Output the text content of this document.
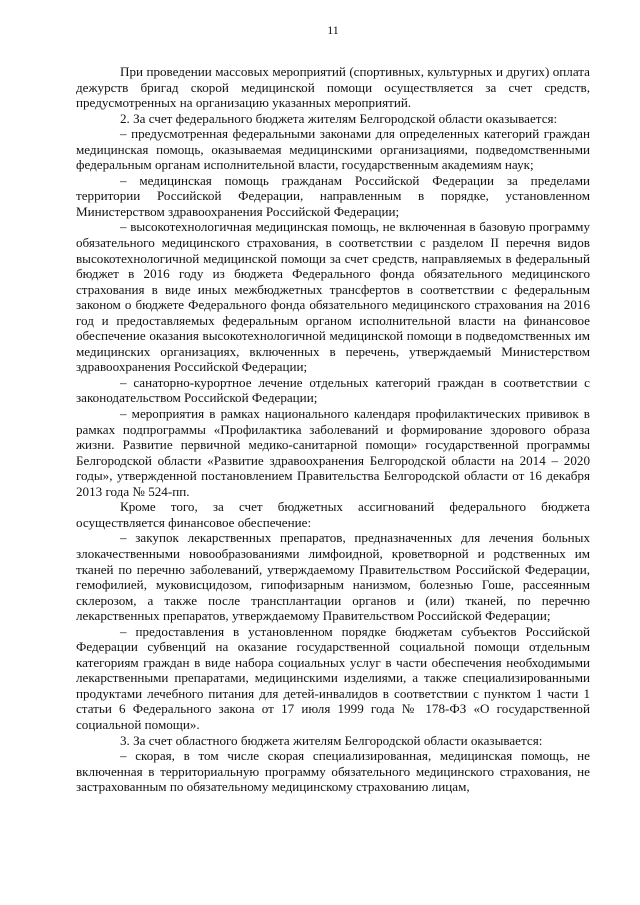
11

При проведении массовых мероприятий (спортивных, культурных и других) оплата дежурств бригад скорой медицинской помощи осуществляется за счет средств, предусмотренных на организацию указанных мероприятий.

2. За счет федерального бюджета жителям Белгородской области оказывается:

– предусмотренная федеральными законами для определенных категорий граждан медицинская помощь, оказываемая медицинскими организациями, подведомственными федеральным органам исполнительной власти, государственным академиям наук;

– медицинская помощь гражданам Российской Федерации за пределами территории Российской Федерации, направленным в порядке, установленном Министерством здравоохранения Российской Федерации;

– высокотехнологичная медицинская помощь, не включенная в базовую программу обязательного медицинского страхования, в соответствии с разделом II перечня видов высокотехнологичной медицинской помощи за счет средств, направляемых в федеральный бюджет в 2016 году из бюджета Федерального фонда обязательного медицинского страхования в виде иных межбюджетных трансфертов в соответствии с федеральным законом о бюджете Федерального фонда обязательного медицинского страхования на 2016 год и предоставляемых федеральным органом исполнительной власти на финансовое обеспечение оказания высокотехнологичной медицинской помощи в подведомственных им медицинских организациях, включенных в перечень, утверждаемый Министерством здравоохранения Российской Федерации;

– санаторно-курортное лечение отдельных категорий граждан в соответствии с законодательством Российской Федерации;

– мероприятия в рамках национального календаря профилактических прививок в рамках подпрограммы «Профилактика заболеваний и формирование здорового образа жизни. Развитие первичной медико-санитарной помощи» государственной программы Белгородской области «Развитие здравоохранения Белгородской области на 2014 – 2020 годы», утвержденной постановлением Правительства Белгородской области от 16 декабря 2013 года № 524-пп.

Кроме того, за счет бюджетных ассигнований федерального бюджета осуществляется финансовое обеспечение:

– закупок лекарственных препаратов, предназначенных для лечения больных злокачественными новообразованиями лимфоидной, кроветворной и родственных им тканей по перечню заболеваний, утверждаемому Правительством Российской Федерации, гемофилией, муковисцидозом, гипофизарным нанизмом, болезнью Гоше, рассеянным склерозом, а также после трансплантации органов и (или) тканей, по перечню лекарственных препаратов, утверждаемому Правительством Российской Федерации;

– предоставления в установленном порядке бюджетам субъектов Российской Федерации субвенций на оказание государственной социальной помощи отдельным категориям граждан в виде набора социальных услуг в части обеспечения необходимыми лекарственными препаратами, медицинскими изделиями, а также специализированными продуктами лечебного питания для детей-инвалидов в соответствии с пунктом 1 части 1 статьи 6 Федерального закона от 17 июля 1999 года № 178-ФЗ «О государственной социальной помощи».

3. За счет областного бюджета жителям Белгородской области оказывается:

– скорая, в том числе скорая специализированная, медицинская помощь, не включенная в территориальную программу обязательного медицинского страхования, не застрахованным по обязательному медицинскому страхованию лицам,
